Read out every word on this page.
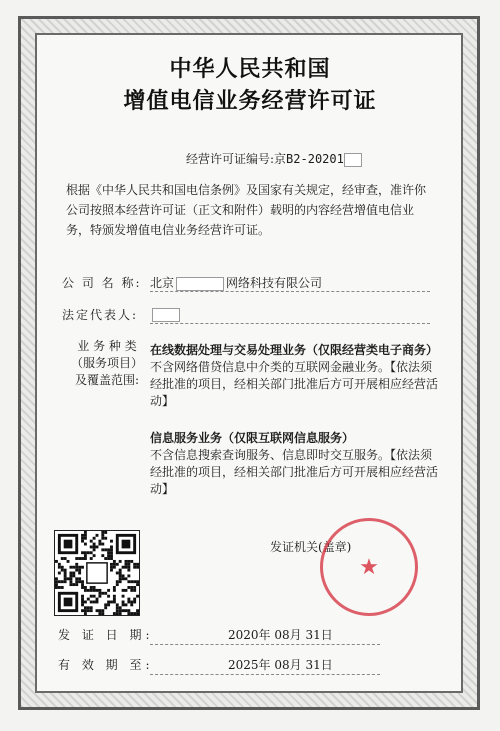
中华人民共和国
增值电信业务经营许可证
经营许可证编号:京B2-20201
根据《中华人民共和国电信条例》及国家有关规定，经审查，准许你公司按照本经营许可证（正文和附件）载明的内容经营增值电信业务，特颁发增值电信业务经营许可证。
公 司 名 称: 北京	网络科技有限公司
法定代表人:
业 务 种 类
（服务项目）
及覆盖范围:
在线数据处理与交易处理业务（仅限经营类电子商务）
不含网络借贷信息中介类的互联网金融业务。【依法须经批准的项目，经相关部门批准后方可开展相应经营活动】
信息服务业务（仅限互联网信息服务）
不含信息搜索查询服务、信息即时交互服务。【依法须经批准的项目，经相关部门批准后方可开展相应经营活动】
发证机关(盖章)
★
发 证 日 期:	2020年 08月 31日
有 效 期 至:	2025年 08月 31日
